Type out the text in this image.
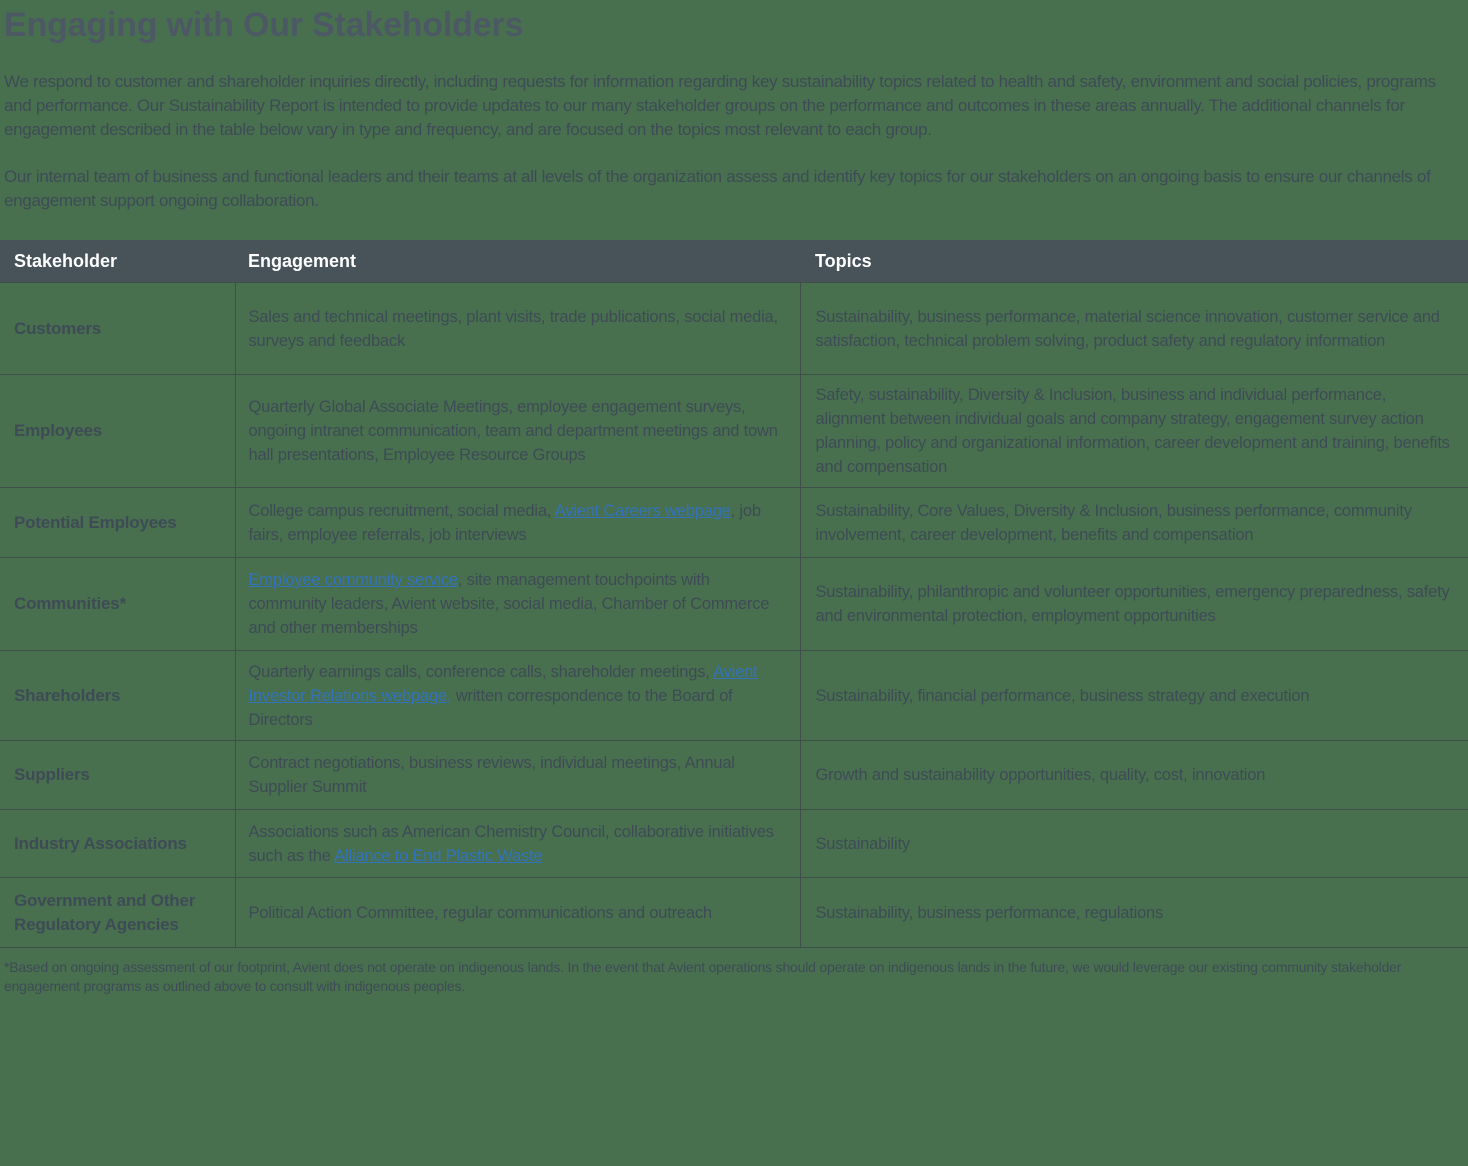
Engaging with Our Stakeholders

We respond to customer and shareholder inquiries directly, including requests for information regarding key sustainability topics related to health and safety, environment and social policies, programs and performance. Our Sustainability Report is intended to provide updates to our many stakeholder groups on the performance and outcomes in these areas annually. The additional channels for engagement described in the table below vary in type and frequency, and are focused on the topics most relevant to each group.

Our internal team of business and functional leaders and their teams at all levels of the organization assess and identify key topics for our stakeholders on an ongoing basis to ensure our channels of engagement support ongoing collaboration.

Stakeholder	Engagement	Topics
Customers	Sales and technical meetings, plant visits, trade publications, social media, surveys and feedback	Sustainability, business performance, material science innovation, customer service and satisfaction, technical problem solving, product safety and regulatory information
Employees	Quarterly Global Associate Meetings, employee engagement surveys, ongoing intranet communication, team and department meetings and town hall presentations, Employee Resource Groups	Safety, sustainability, Diversity & Inclusion, business and individual performance, alignment between individual goals and company strategy, engagement survey action planning, policy and organizational information, career development and training, benefits and compensation
Potential Employees	College campus recruitment, social media, Avient Careers webpage, job fairs, employee referrals, job interviews	Sustainability, Core Values, Diversity & Inclusion, business performance, community involvement, career development, benefits and compensation
Communities*	Employee community service, site management touchpoints with community leaders, Avient website, social media, Chamber of Commerce and other memberships	Sustainability, philanthropic and volunteer opportunities, emergency preparedness, safety and environmental protection, employment opportunities
Shareholders	Quarterly earnings calls, conference calls, shareholder meetings, Avient Investor Relations webpage, written correspondence to the Board of Directors	Sustainability, financial performance, business strategy and execution
Suppliers	Contract negotiations, business reviews, individual meetings, Annual Supplier Summit	Growth and sustainability opportunities, quality, cost, innovation
Industry Associations	Associations such as American Chemistry Council, collaborative initiatives such as the Alliance to End Plastic Waste	Sustainability
Government and Other Regulatory Agencies	Political Action Committee, regular communications and outreach	Sustainability, business performance, regulations

*Based on ongoing assessment of our footprint, Avient does not operate on indigenous lands. In the event that Avient operations should operate on indigenous lands in the future, we would leverage our existing community stakeholder engagement programs as outlined above to consult with indigenous peoples.
